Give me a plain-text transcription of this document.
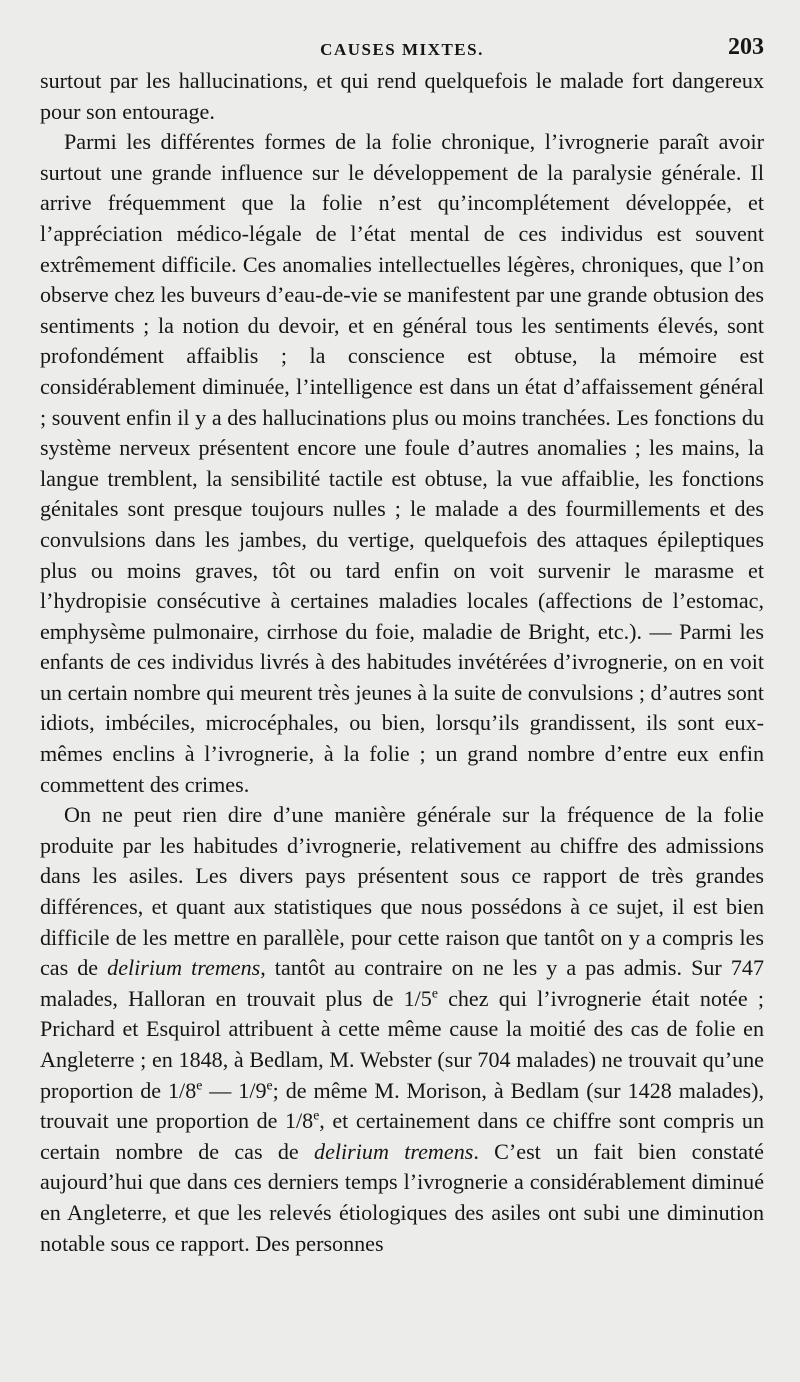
CAUSES MIXTES.	203

surtout par les hallucinations, et qui rend quelquefois le malade fort dangereux pour son entourage.

Parmi les différentes formes de la folie chronique, l’ivrognerie paraît avoir surtout une grande influence sur le développement de la paralysie générale. Il arrive fréquemment que la folie n’est qu’incomplétement développée, et l’appréciation médico-légale de l’état mental de ces individus est souvent extrêmement difficile. Ces anomalies intellectuelles légères, chroniques, que l’on observe chez les buveurs d’eau-de-vie se manifestent par une grande obtusion des sentiments ; la notion du devoir, et en général tous les sentiments élevés, sont profondément affaiblis ; la conscience est obtuse, la mémoire est considérablement diminuée, l’intelligence est dans un état d’affaissement général ; souvent enfin il y a des hallucinations plus ou moins tranchées. Les fonctions du système nerveux présentent encore une foule d’autres anomalies ; les mains, la langue tremblent, la sensibilité tactile est obtuse, la vue affaiblie, les fonctions génitales sont presque toujours nulles ; le malade a des fourmillements et des convulsions dans les jambes, du vertige, quelquefois des attaques épileptiques plus ou moins graves, tôt ou tard enfin on voit survenir le marasme et l’hydropisie consécutive à certaines maladies locales (affections de l’estomac, emphysème pulmonaire, cirrhose du foie, maladie de Bright, etc.). — Parmi les enfants de ces individus livrés à des habitudes invétérées d’ivrognerie, on en voit un certain nombre qui meurent très jeunes à la suite de convulsions ; d’autres sont idiots, imbéciles, microcéphales, ou bien, lorsqu’ils grandissent, ils sont eux-mêmes enclins à l’ivrognerie, à la folie ; un grand nombre d’entre eux enfin commettent des crimes.

On ne peut rien dire d’une manière générale sur la fréquence de la folie produite par les habitudes d’ivrognerie, relativement au chiffre des admissions dans les asiles. Les divers pays présentent sous ce rapport de très grandes différences, et quant aux statistiques que nous possédons à ce sujet, il est bien difficile de les mettre en parallèle, pour cette raison que tantôt on y a compris les cas de delirium tremens, tantôt au contraire on ne les y a pas admis. Sur 747 malades, Halloran en trouvait plus de 1/5e chez qui l’ivrognerie était notée ; Prichard et Esquirol attribuent à cette même cause la moitié des cas de folie en Angleterre ; en 1848, à Bedlam, M. Webster (sur 704 malades) ne trouvait qu’une proportion de 1/8e — 1/9e; de même M. Morison, à Bedlam (sur 1428 malades), trouvait une proportion de 1/8e, et certainement dans ce chiffre sont compris un certain nombre de cas de delirium tremens. C’est un fait bien constaté aujourd’hui que dans ces derniers temps l’ivrognerie a considérablement diminué en Angleterre, et que les relevés étiologiques des asiles ont subi une diminution notable sous ce rapport. Des personnes
